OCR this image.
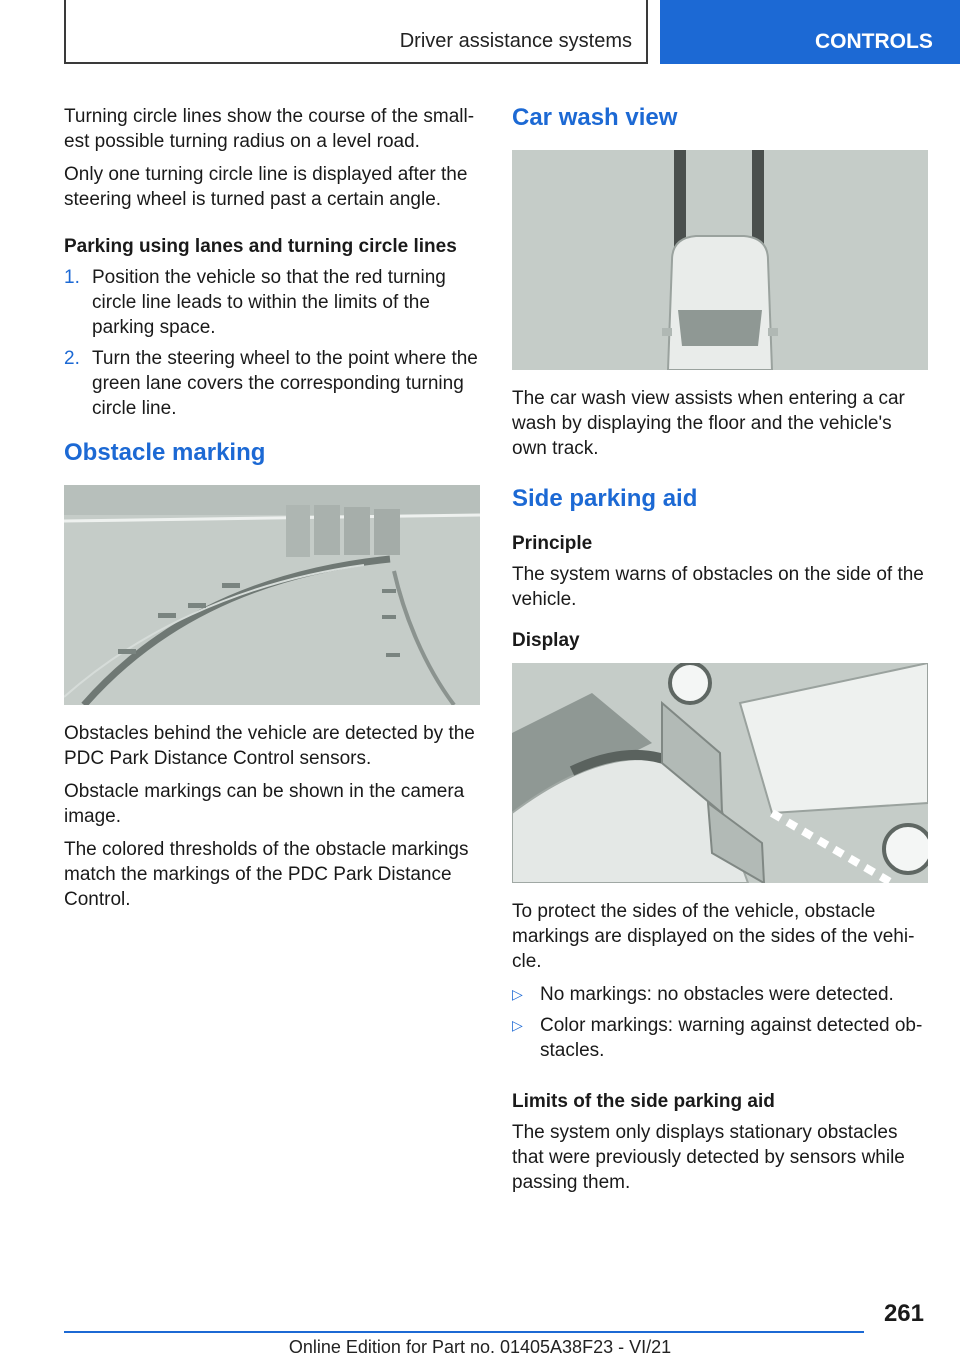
Driver assistance systems	CONTROLS

Turning circle lines show the course of the smallest possible turning radius on a level road.

Only one turning circle line is displayed after the steering wheel is turned past a certain angle.

Parking using lanes and turning circle lines
1. Position the vehicle so that the red turning circle line leads to within the limits of the parking space.
2. Turn the steering wheel to the point where the green lane covers the corresponding turning circle line.
Obstacle marking

Obstacles behind the vehicle are detected by the PDC Park Distance Control sensors.

Obstacle markings can be shown in the camera image.

The colored thresholds of the obstacle markings match the markings of the PDC Park Distance Control.

Car wash view

The car wash view assists when entering a car wash by displaying the floor and the vehicle's own track.

Side parking aid
Principle

The system warns of obstacles on the side of the vehicle.

Display

To protect the sides of the vehicle, obstacle markings are displayed on the sides of the vehicle.

▷ No markings: no obstacles were detected.
▷ Color markings: warning against detected obstacles.
Limits of the side parking aid

The system only displays stationary obstacles that were previously detected by sensors while passing them.

261
Online Edition for Part no. 01405A38F23 - VI/21
